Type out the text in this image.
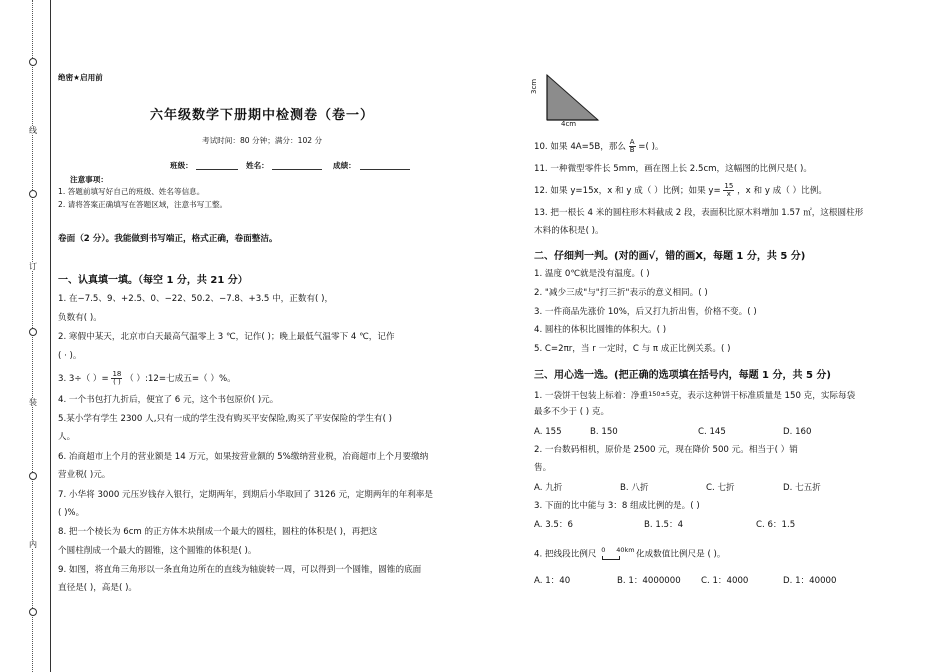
线
订
装
内
绝密★启用前
六年级数学下册期中检测卷（卷一）
考试时间：80 分钟；满分：102 分
班级：	姓名：	成绩：
注意事项：
1. 答题前填写好自己的班级、姓名等信息。
2. 请将答案正确填写在答题区域，注意书写工整。
卷面（2 分）。我能做到书写端正，格式正确，卷面整洁。
一、认真填一填。（每空 1 分，共 21 分）
1. 在−7.5、9、+2.5、0、−22、50.2、−7.8、+3.5 中，正数有( )，
负数有( )。
2. 寒假中某天，北京市白天最高气温零上 3 ℃，记作( )；晚上最低气温零下 4 ℃，记作
( · )。
3. 3÷（ ）= $\frac{18}{( )}$ （ ）:12=七成五=（ ）%。
4. 一个书包打九折后，便宜了 6 元，这个书包原价( )元。
5.某小学有学生 2300 人,只有一成的学生没有购买平安保险,购买了平安保险的学生有( )
人。
6. 冶商超市上个月的营业额是 14 万元，如果按营业额的 5%缴纳营业税，冶商超市上个月要缴纳
营业税( )元。
7. 小华将 3000 元压岁钱存入银行，定期两年，到期后小华取回了 3126 元，定期两年的年利率是
( )%。
8. 把一个棱长为 6cm 的正方体木块削成一个最大的圆柱，圆柱的体积是( )，再把这
个圆柱削成一个最大的圆锥，这个圆锥的体积是( )。
9. 如图，将直角三角形以一条直角边所在的直线为轴旋转一周，可以得到一个圆锥，圆锥的底面
直径是( )，高是( )。
3cm
4cm
10. 如果 4A=5B，那么 $\frac{A}{B}$ =( )。
11. 一种微型零件长 5mm，画在图上长 2.5cm，这幅图的比例尺是( )。
12. 如果 y=15x，x 和 y 成（ ）比例；如果 $y= \frac{15}{x}$ ，x 和 y 成（ ）比例。
13. 把一根长 4 米的圆柱形木料截成 2 段，表面积比原木料增加 1.57 ㎡，这根圆柱形
木料的体积是( )。
二、仔细判一判。(对的画√，错的画X，每题 1 分，共 5 分)
1. 温度 0℃就是没有温度。( )
2. "减少三成"与"打三折"表示的意义相同。( )
3. 一件商品先涨价 10%，后又打九折出售，价格不变。( )
4. 圆柱的体积比圆锥的体积大。( )
5. C=2πr，当 r 一定时，C 与 π 成正比例关系。( )
三、用心选一选。(把正确的选项填在括号内，每题 1 分，共 5 分)
1. 一袋饼干包装上标着：净重$^{150\pm 5}$克，表示这种饼干标准质量是 150 克，实际每袋
最多不少于 ( ) 克。
A. 155	B. 150	C. 145	D. 160
2. 一台数码相机，原价是 2500 元，现在降价 500 元。相当于( ）销
售。
A. 九折	B. 八折	C. 七折	D. 七五折
3. 下面的比中能与 3：8 组成比例的是。( )
A. 3.5：6	B. 1.5：4	C. 6：1.5
4. 把线段比例尺 0 40km 化成数值比例尺是 ( )。
A. 1：40	B. 1：4000000 C. 1：4000	D. 1：40000
